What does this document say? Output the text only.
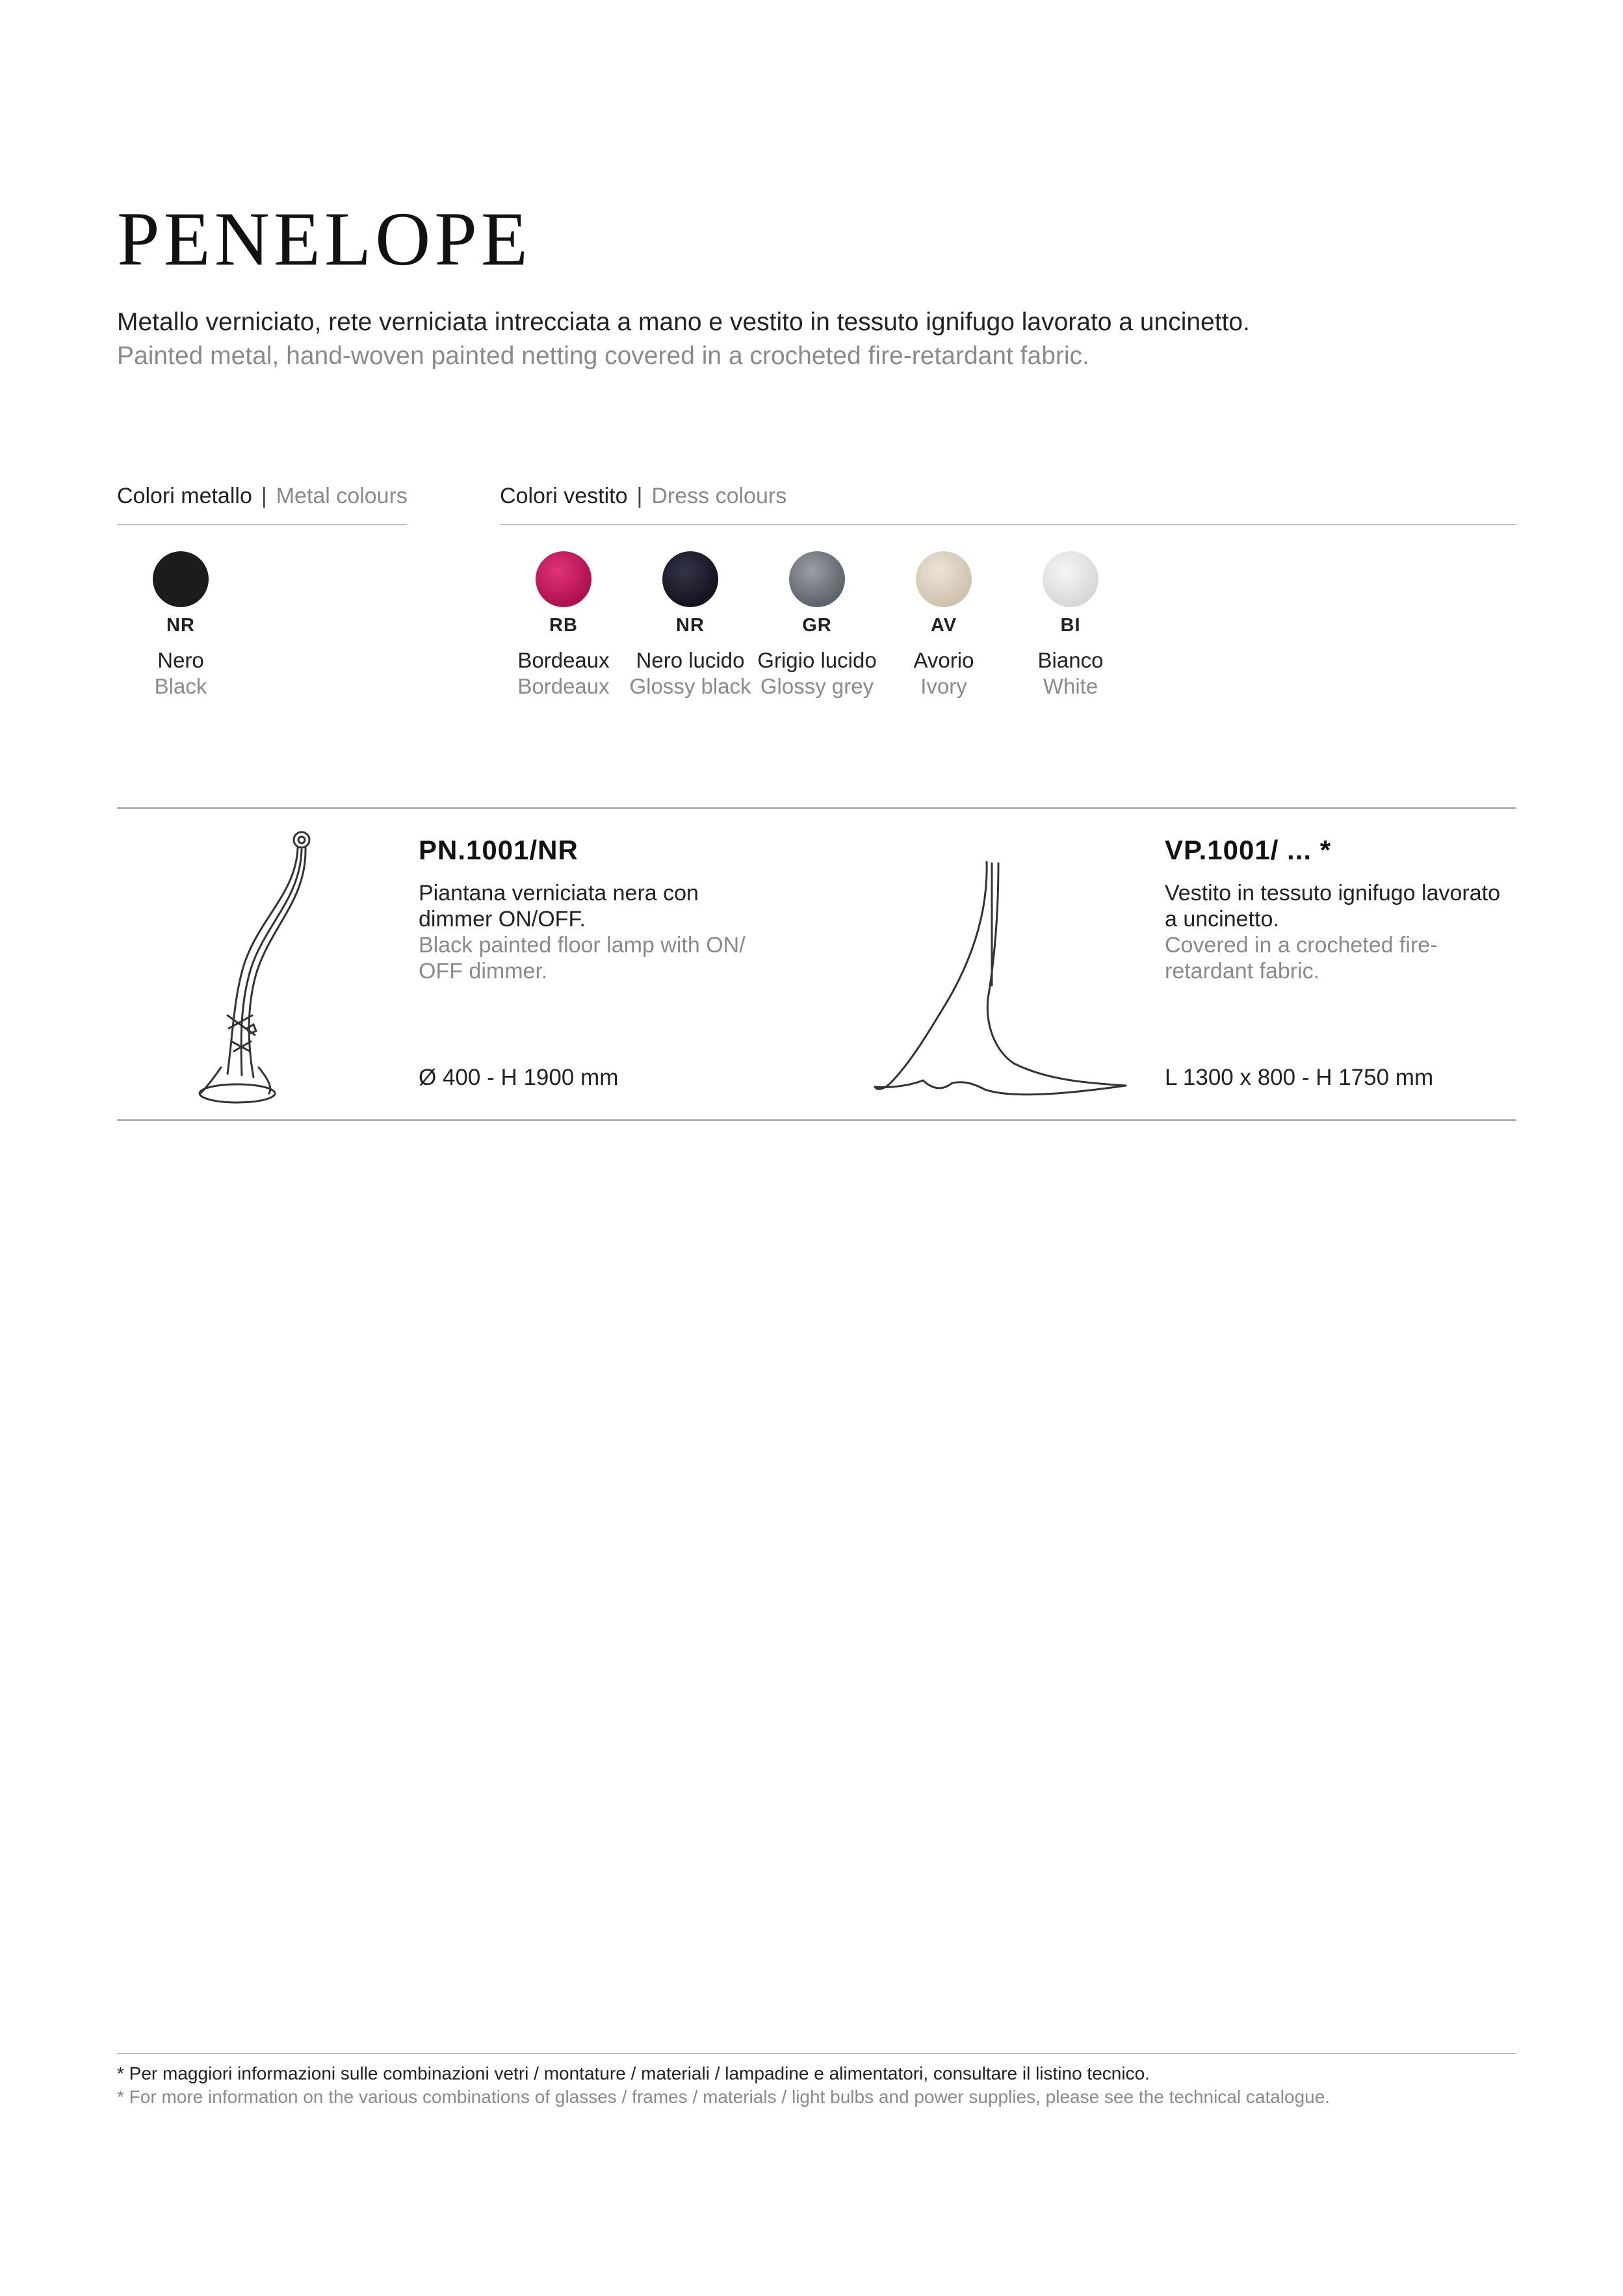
PENELOPE
Metallo verniciato, rete verniciata intrecciata a mano e vestito in tessuto ignifugo lavorato a uncinetto.
Painted metal, hand-woven painted netting covered in a crocheted fire-retardant fabric.
Colori metallo | Metal colours
NR
Nero
Black
Colori vestito | Dress colours
RB
Bordeaux
Bordeaux
NR
Nero lucido
Glossy black
GR
Grigio lucido
Glossy grey
AV
Avorio
Ivory
BI
Bianco
White
PN.1001/NR
Piantana verniciata nera con dimmer ON/OFF.
Black painted floor lamp with ON/ OFF dimmer.
Ø 400 - H 1900 mm
VP.1001/ ... *
Vestito in tessuto ignifugo lavorato a uncinetto.
Covered in a crocheted fire-retardant fabric.
L 1300 x 800 - H 1750 mm
* Per maggiori informazioni sulle combinazioni vetri / montature / materiali / lampadine e alimentatori, consultare il listino tecnico.
* For more information on the various combinations of glasses / frames / materials / light bulbs and power supplies, please see the technical catalogue.
